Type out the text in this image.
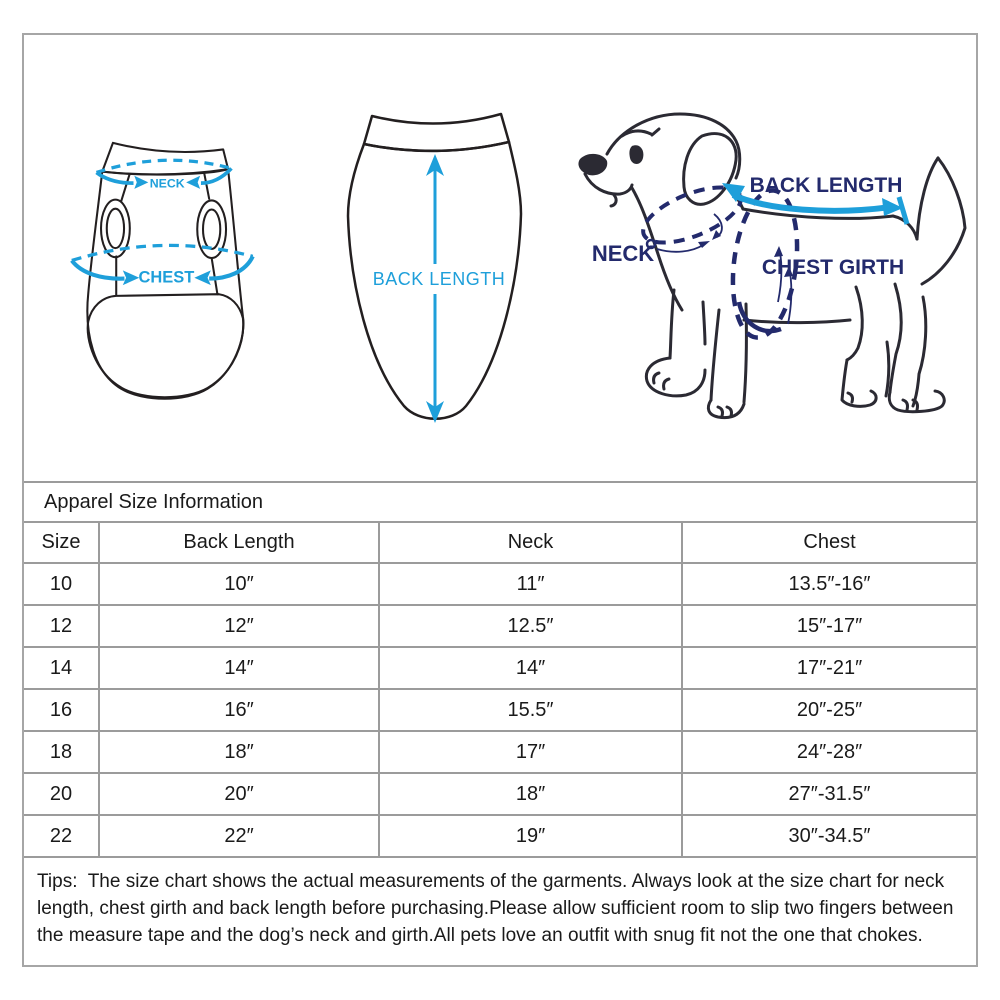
NECK
CHEST	BACK LENGTH
BACK LENGTH
NECK
CHEST GIRTH
Apparel Size Information
Size	Back Length	Neck	Chest
10	10″	11″	13.5″-16″
12	12″	12.5″	15″-17″
14	14″	14″	17″-21″
16	16″	15.5″	20″-25″
18	18″	17″	24″-28″
20	20″	18″	27″-31.5″
22	22″	19″	30″-34.5″
Tips: The size chart shows the actual measurements of the garments. Always look at the size chart for neck length, chest girth and back length before purchasing.Please allow sufficient room to slip two fingers between the measure tape and the dog’s neck and girth.All pets love an outfit with snug fit not the one that chokes.
